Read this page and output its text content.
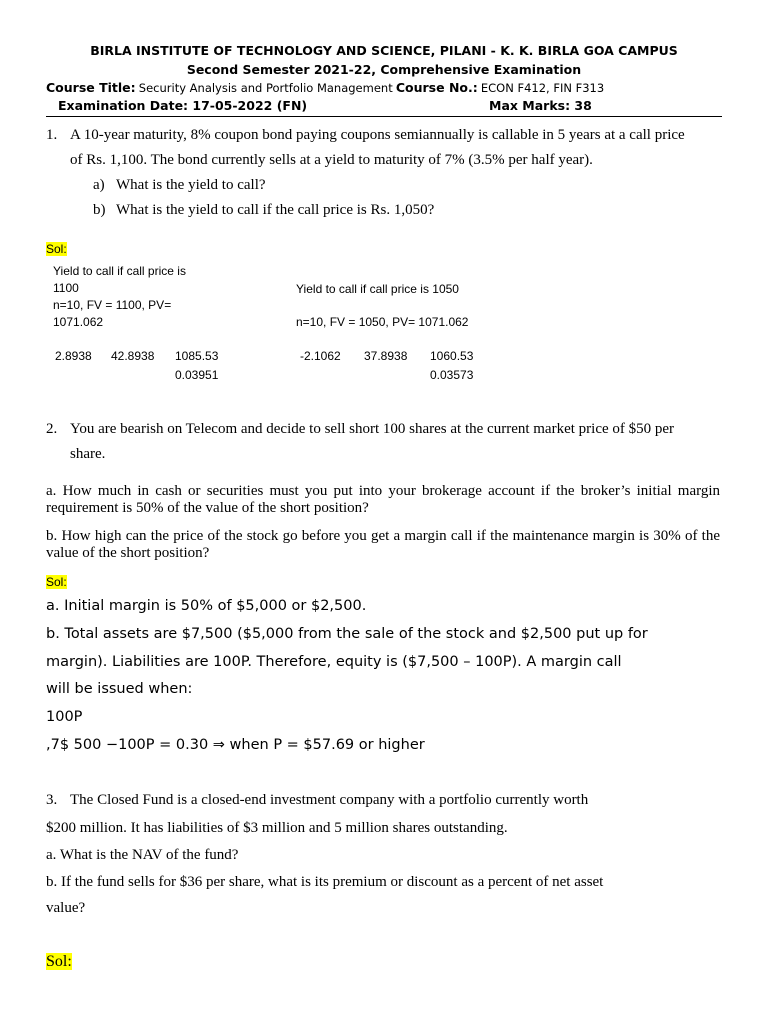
BIRLA INSTITUTE OF TECHNOLOGY AND SCIENCE, PILANI - K. K. BIRLA GOA CAMPUS
Second Semester 2021-22, Comprehensive Examination
Course Title: Security Analysis and Portfolio Management Course No.: ECON F412, FIN F313
Examination Date: 17-05-2022 (FN)	Max Marks: 38
1. A 10-year maturity, 8% coupon bond paying coupons semiannually is callable in 5 years at a call price
of Rs. 1,100. The bond currently sells at a yield to maturity of 7% (3.5% per half year).
a) What is the yield to call?
b) What is the yield to call if the call price is Rs. 1,050?
Sol:
Yield to call if call price is
1100
n=10, FV = 1100, PV=
1071.062
Yield to call if call price is 1050
n=10, FV = 1050, PV= 1071.062
2.8938 42.8938 1085.53
0.03951
-2.1062 37.8938 1060.53
0.03573
2. You are bearish on Telecom and decide to sell short 100 shares at the current market price of $50 per
share.
a. How much in cash or securities must you put into your brokerage account if the broker’s initial margin requirement is 50% of the value of the short position?
b. How high can the price of the stock go before you get a margin call if the maintenance margin is 30% of the value of the short position?
Sol:
a. Initial margin is 50% of $5,000 or $2,500.
b. Total assets are $7,500 ($5,000 from the sale of the stock and $2,500 put up for
margin). Liabilities are 100P. Therefore, equity is ($7,500 – 100P). A margin call
will be issued when:
100P
,7$ 500 −100P = 0.30 ⇒ when P = $57.69 or higher
3. The Closed Fund is a closed-end investment company with a portfolio currently worth
$200 million. It has liabilities of $3 million and 5 million shares outstanding.
a. What is the NAV of the fund?
b. If the fund sells for $36 per share, what is its premium or discount as a percent of net asset
value?
Sol:
